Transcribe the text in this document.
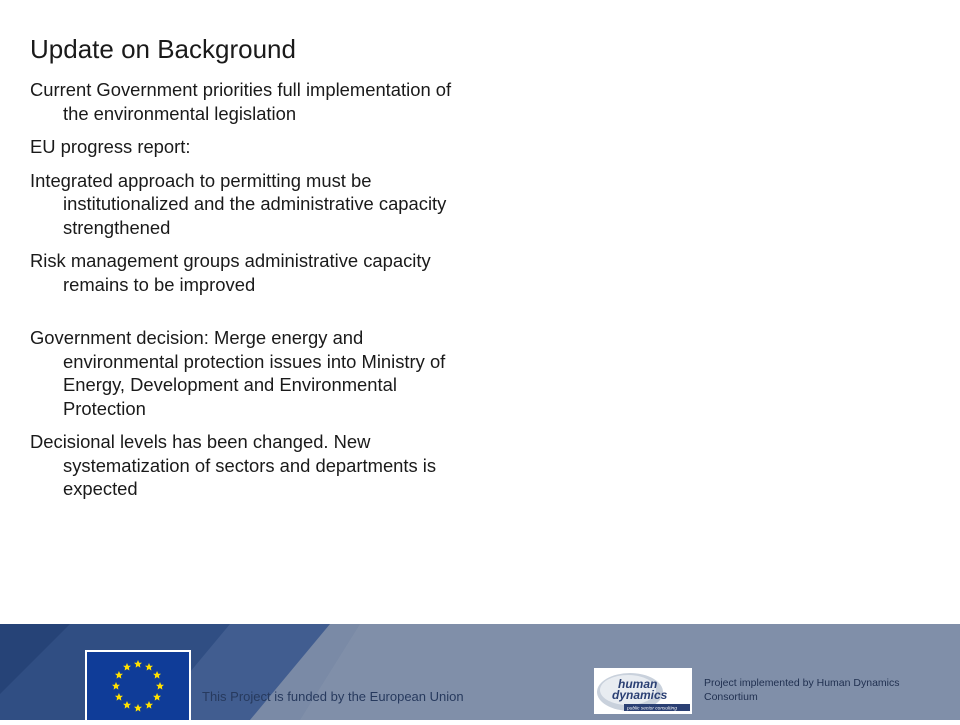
Update on Background

Current Government priorities full implementation of the environmental legislation

EU progress report:

Integrated approach to permitting must be institutionalized and the administrative capacity strengthened

Risk management groups administrative capacity remains to be improved

Government decision: Merge energy and environmental protection issues into Ministry of Energy, Development and Environmental Protection

Decisional levels has been changed. New systematization of sectors and departments is expected

This Project is funded by the European Union
human
dynamics
public sector consulting
Project implemented by Human Dynamics Consortium
